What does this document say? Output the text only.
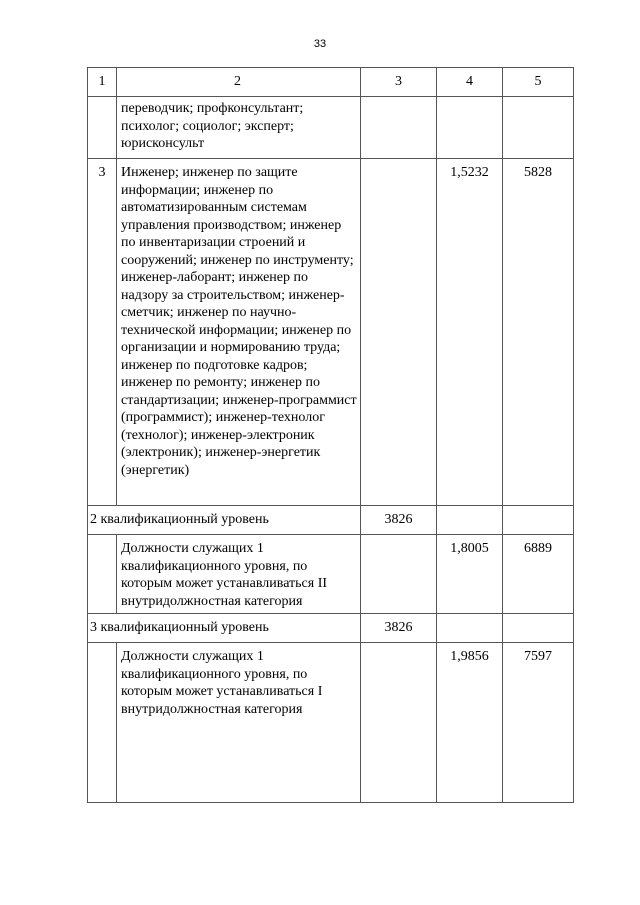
33
1	2	3	4	5
	переводчик; профконсультант; психолог; социолог; эксперт; юрисконсульт			
3	Инженер; инженер по защите информации; инженер по автоматизированным системам управления производством; инженер по инвентаризации строений и сооружений; инженер по инструменту; инженер-лаборант; инженер по надзору за строительством; инженер-сметчик; инженер по научно-технической информации; инженер по организации и нормированию труда; инженер по подготовке кадров; инженер по ремонту; инженер по стандартизации; инженер-программист (программист); инженер-технолог (технолог); инженер-электроник (электроник); инженер-энергетик (энергетик)		1,5232	5828
2 квалификационный уровень		3826		
	Должности служащих 1 квалификационного уровня, по которым может устанавливаться II внутридолжностная категория		1,8005	6889
3 квалификационный уровень		3826		
	Должности служащих 1 квалификационного уровня, по которым может устанавливаться I внутридолжностная категория		1,9856	7597
